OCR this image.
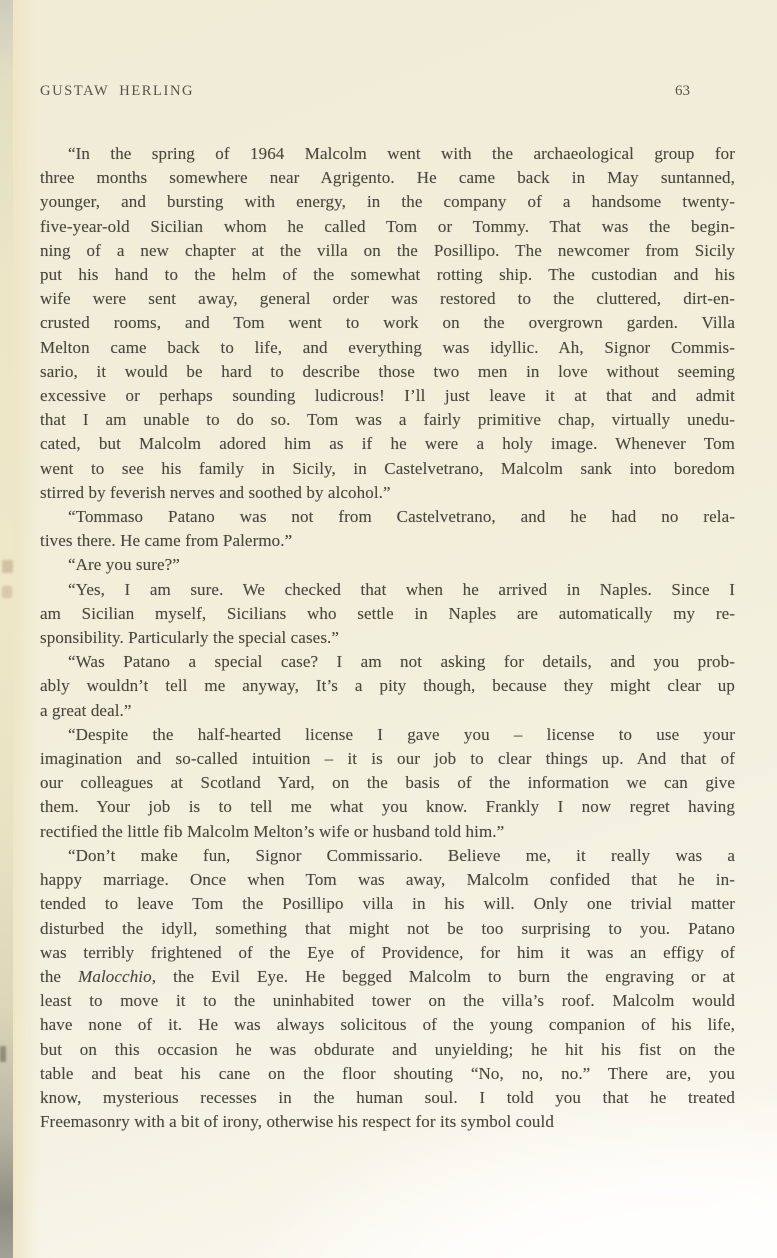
GUSTAW HERLING	63
“In the spring of 1964 Malcolm went with the archaeological group for
three months somewhere near Agrigento. He came back in May suntanned,
younger, and bursting with energy, in the company of a handsome twenty-
five-year-old Sicilian whom he called Tom or Tommy. That was the begin-
ning of a new chapter at the villa on the Posillipo. The newcomer from Sicily
put his hand to the helm of the somewhat rotting ship. The custodian and his
wife were sent away, general order was restored to the cluttered, dirt-en-
crusted rooms, and Tom went to work on the overgrown garden. Villa
Melton came back to life, and everything was idyllic. Ah, Signor Commis-
sario, it would be hard to describe those two men in love without seeming
excessive or perhaps sounding ludicrous! I’ll just leave it at that and admit
that I am unable to do so. Tom was a fairly primitive chap, virtually unedu-
cated, but Malcolm adored him as if he were a holy image. Whenever Tom
went to see his family in Sicily, in Castelvetrano, Malcolm sank into boredom
stirred by feverish nerves and soothed by alcohol.”
“Tommaso Patano was not from Castelvetrano, and he had no rela-
tives there. He came from Palermo.”
“Are you sure?”
“Yes, I am sure. We checked that when he arrived in Naples. Since I
am Sicilian myself, Sicilians who settle in Naples are automatically my re-
sponsibility. Particularly the special cases.”
“Was Patano a special case? I am not asking for details, and you prob-
ably wouldn’t tell me anyway, It’s a pity though, because they might clear up
a great deal.”
“Despite the half-hearted license I gave you – license to use your
imagination and so-called intuition – it is our job to clear things up. And that of
our colleagues at Scotland Yard, on the basis of the information we can give
them. Your job is to tell me what you know. Frankly I now regret having
rectified the little fib Malcolm Melton’s wife or husband told him.”
“Don’t make fun, Signor Commissario. Believe me, it really was a
happy marriage. Once when Tom was away, Malcolm confided that he in-
tended to leave Tom the Posillipo villa in his will. Only one trivial matter
disturbed the idyll, something that might not be too surprising to you. Patano
was terribly frightened of the Eye of Providence, for him it was an effigy of
the Malocchio, the Evil Eye. He begged Malcolm to burn the engraving or at
least to move it to the uninhabited tower on the villa’s roof. Malcolm would
have none of it. He was always solicitous of the young companion of his life,
but on this occasion he was obdurate and unyielding; he hit his fist on the
table and beat his cane on the floor shouting “No, no, no.” There are, you
know, mysterious recesses in the human soul. I told you that he treated
Freemasonry with a bit of irony, otherwise his respect for its symbol could
